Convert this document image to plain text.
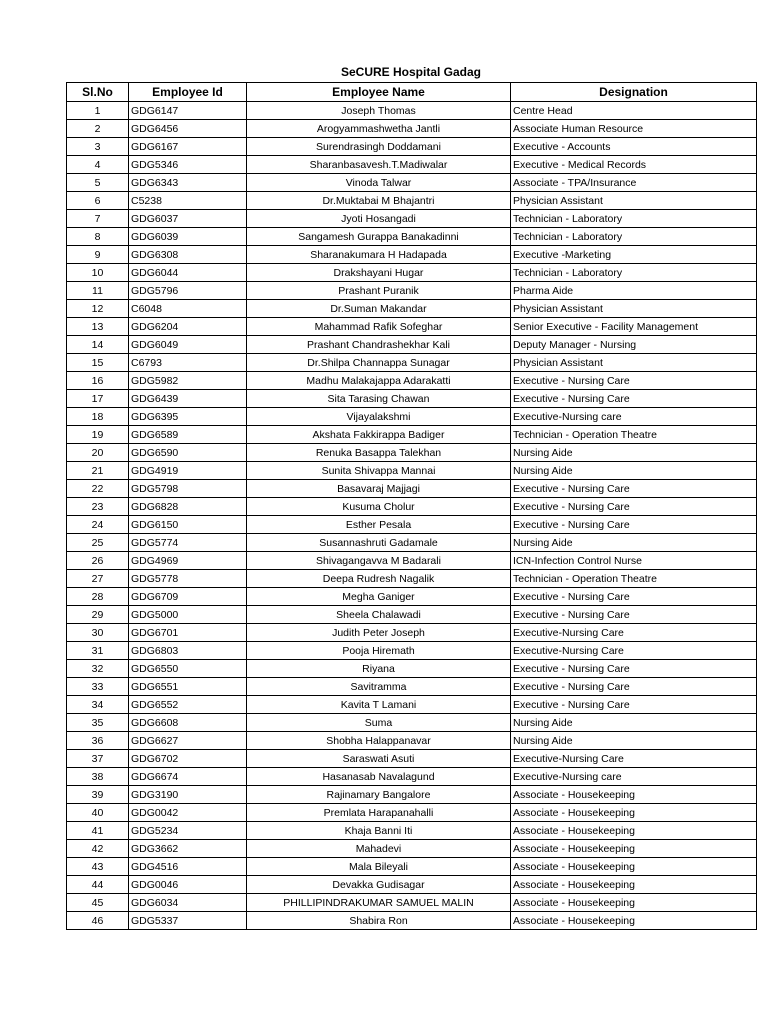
SeCURE Hospital Gadag
Sl.No	Employee Id	Employee Name	Designation
1	GDG6147	Joseph Thomas	Centre Head
2	GDG6456	Arogyammashwetha Jantli	Associate Human Resource
3	GDG6167	Surendrasingh Doddamani	Executive - Accounts
4	GDG5346	Sharanbasavesh.T.Madiwalar	Executive - Medical Records
5	GDG6343	Vinoda Talwar	Associate - TPA/Insurance
6	C5238	Dr.Muktabai M Bhajantri	Physician Assistant
7	GDG6037	Jyoti Hosangadi	Technician - Laboratory
8	GDG6039	Sangamesh Gurappa Banakadinni	Technician - Laboratory
9	GDG6308	Sharanakumara H Hadapada	Executive -Marketing
10	GDG6044	Drakshayani Hugar	Technician - Laboratory
11	GDG5796	Prashant Puranik	Pharma Aide
12	C6048	Dr.Suman Makandar	Physician Assistant
13	GDG6204	Mahammad Rafik Sofeghar	Senior Executive - Facility Management
14	GDG6049	Prashant Chandrashekhar Kali	Deputy Manager - Nursing
15	C6793	Dr.Shilpa Channappa Sunagar	Physician Assistant
16	GDG5982	Madhu Malakajappa Adarakatti	Executive - Nursing Care
17	GDG6439	Sita Tarasing Chawan	Executive - Nursing Care
18	GDG6395	Vijayalakshmi	Executive-Nursing care
19	GDG6589	Akshata Fakkirappa Badiger	Technician - Operation Theatre
20	GDG6590	Renuka Basappa Talekhan	Nursing Aide
21	GDG4919	Sunita Shivappa Mannai	Nursing Aide
22	GDG5798	Basavaraj Majjagi	Executive - Nursing Care
23	GDG6828	Kusuma Cholur	Executive - Nursing Care
24	GDG6150	Esther Pesala	Executive - Nursing Care
25	GDG5774	Susannashruti Gadamale	Nursing Aide
26	GDG4969	Shivagangavva M Badarali	ICN-Infection Control Nurse
27	GDG5778	Deepa Rudresh Nagalik	Technician - Operation Theatre
28	GDG6709	Megha Ganiger	Executive - Nursing Care
29	GDG5000	Sheela Chalawadi	Executive - Nursing Care
30	GDG6701	Judith Peter Joseph	Executive-Nursing Care
31	GDG6803	Pooja Hiremath	Executive-Nursing Care
32	GDG6550	Riyana	Executive - Nursing Care
33	GDG6551	Savitramma	Executive - Nursing Care
34	GDG6552	Kavita T Lamani	Executive - Nursing Care
35	GDG6608	Suma	Nursing Aide
36	GDG6627	Shobha Halappanavar	Nursing Aide
37	GDG6702	Saraswati Asuti	Executive-Nursing Care
38	GDG6674	Hasanasab Navalagund	Executive-Nursing care
39	GDG3190	Rajinamary Bangalore	Associate - Housekeeping
40	GDG0042	Premlata Harapanahalli	Associate - Housekeeping
41	GDG5234	Khaja Banni Iti	Associate - Housekeeping
42	GDG3662	Mahadevi	Associate - Housekeeping
43	GDG4516	Mala Bileyali	Associate - Housekeeping
44	GDG0046	Devakka Gudisagar	Associate - Housekeeping
45	GDG6034	PHILLIPINDRAKUMAR SAMUEL MALIN	Associate - Housekeeping
46	GDG5337	Shabira Ron	Associate - Housekeeping
